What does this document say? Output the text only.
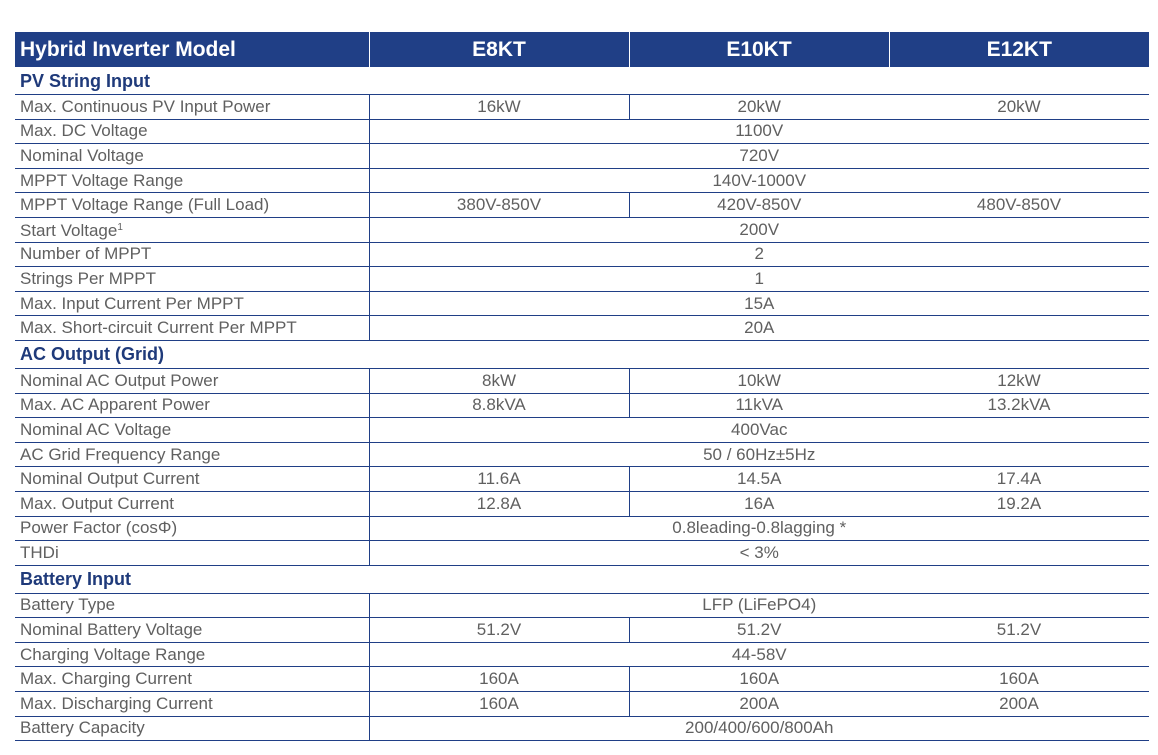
Hybrid Inverter Model	E8KT	E10KT	E12KT
PV String Input			
Max. Continuous PV Input Power	16kW	20kW	20kW
Max. DC Voltage	1100V		
Nominal Voltage	720V		
MPPT Voltage Range	140V-1000V		
MPPT Voltage Range (Full Load)	380V-850V	420V-850V	480V-850V
Start Voltage$^1$	200V		
Number of MPPT	2		
Strings Per MPPT	1		
Max. Input Current Per MPPT	15A		
Max. Short-circuit Current Per MPPT	20A		
AC Output (Grid)			
Nominal AC Output Power	8kW	10kW	12kW
Max. AC Apparent Power	8.8kVA	11kVA	13.2kVA
Nominal AC Voltage	400Vac		
AC Grid Frequency Range	50 / 60Hz±5Hz		
Nominal Output Current	11.6A	14.5A	17.4A
Max. Output Current	12.8A	16A	19.2A
Power Factor (cosΦ)	0.8leading-0.8lagging *		
THDi	< 3%		
Battery Input			
Battery Type	LFP (LiFePO4)		
Nominal Battery Voltage	51.2V	51.2V	51.2V
Charging Voltage Range	44-58V		
Max. Charging Current	160A	160A	160A
Max. Discharging Current	160A	200A	200A
Battery Capacity	200/400/600/800Ah		
